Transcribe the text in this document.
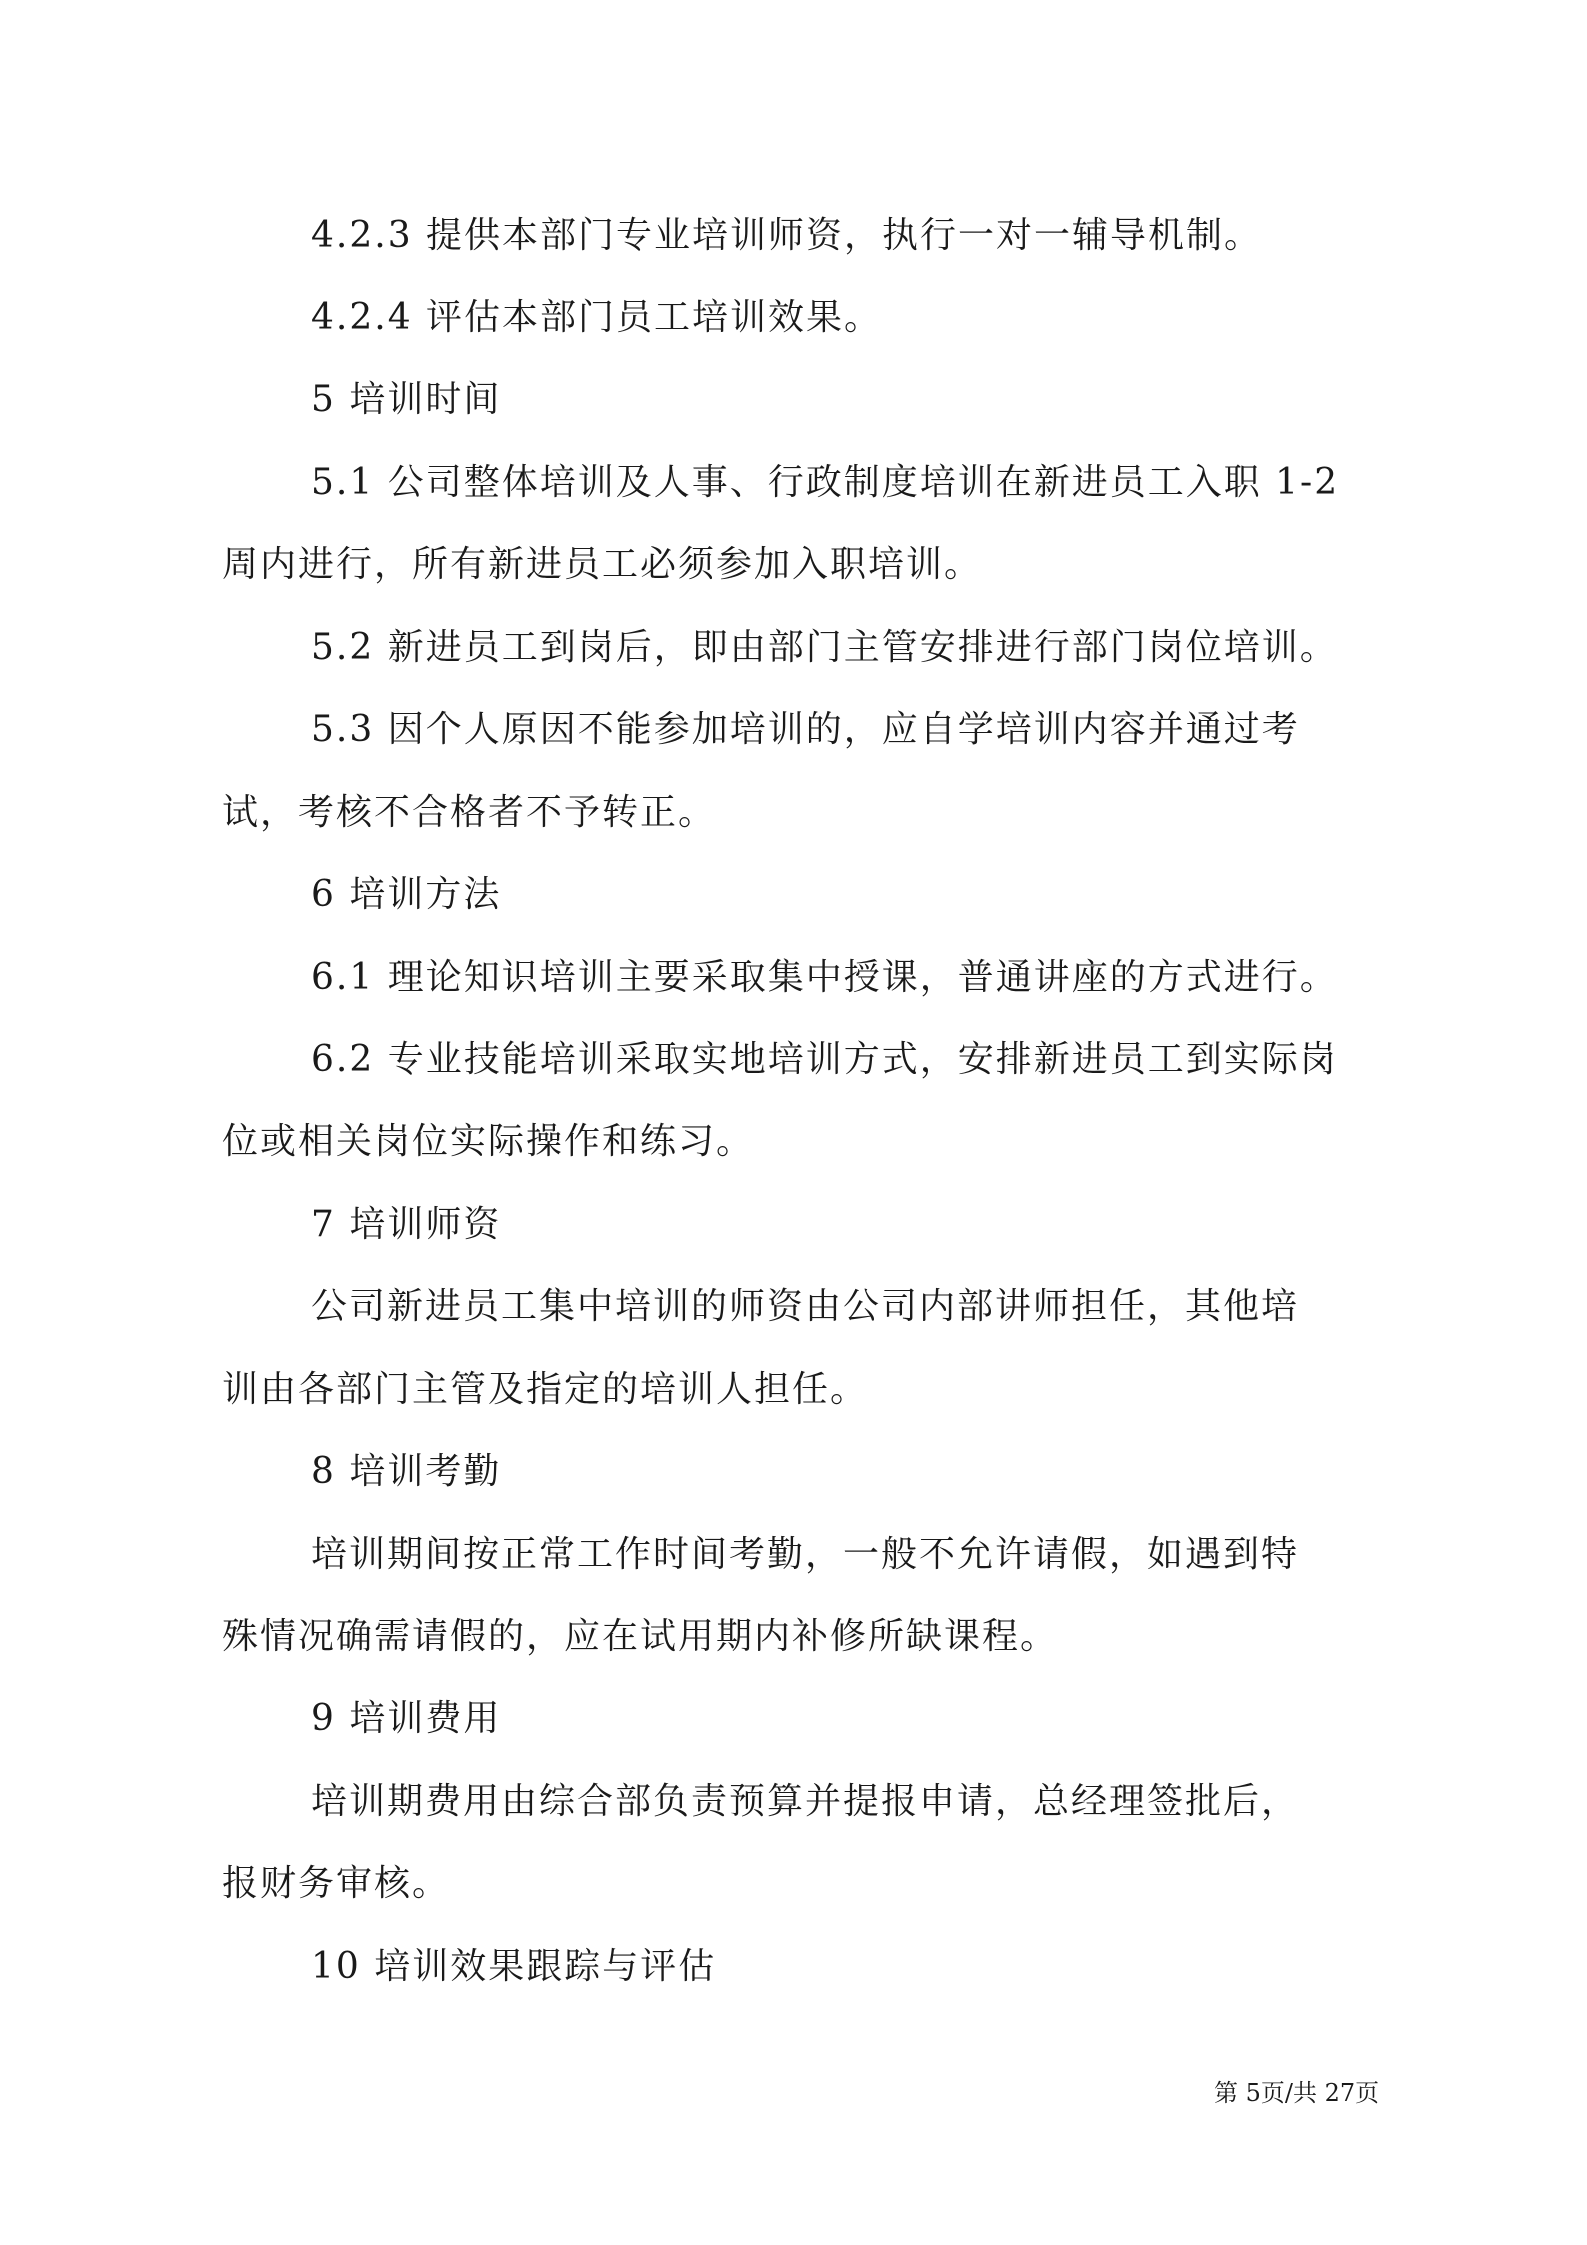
4.2.3 提供本部门专业培训师资，执行一对一辅导机制。
4.2.4 评估本部门员工培训效果。
5 培训时间
5.1 公司整体培训及人事、行政制度培训在新进员工入职 1-2
周内进行，所有新进员工必须参加入职培训。
5.2 新进员工到岗后，即由部门主管安排进行部门岗位培训。
5.3 因个人原因不能参加培训的，应自学培训内容并通过考
试，考核不合格者不予转正。
6 培训方法
6.1 理论知识培训主要采取集中授课，普通讲座的方式进行。
6.2 专业技能培训采取实地培训方式，安排新进员工到实际岗
位或相关岗位实际操作和练习。
7 培训师资
公司新进员工集中培训的师资由公司内部讲师担任，其他培
训由各部门主管及指定的培训人担任。
8 培训考勤
培训期间按正常工作时间考勤，一般不允许请假，如遇到特
殊情况确需请假的，应在试用期内补修所缺课程。
9 培训费用
培训期费用由综合部负责预算并提报申请，总经理签批后，
报财务审核。
10 培训效果跟踪与评估
第 5页/共 27页
